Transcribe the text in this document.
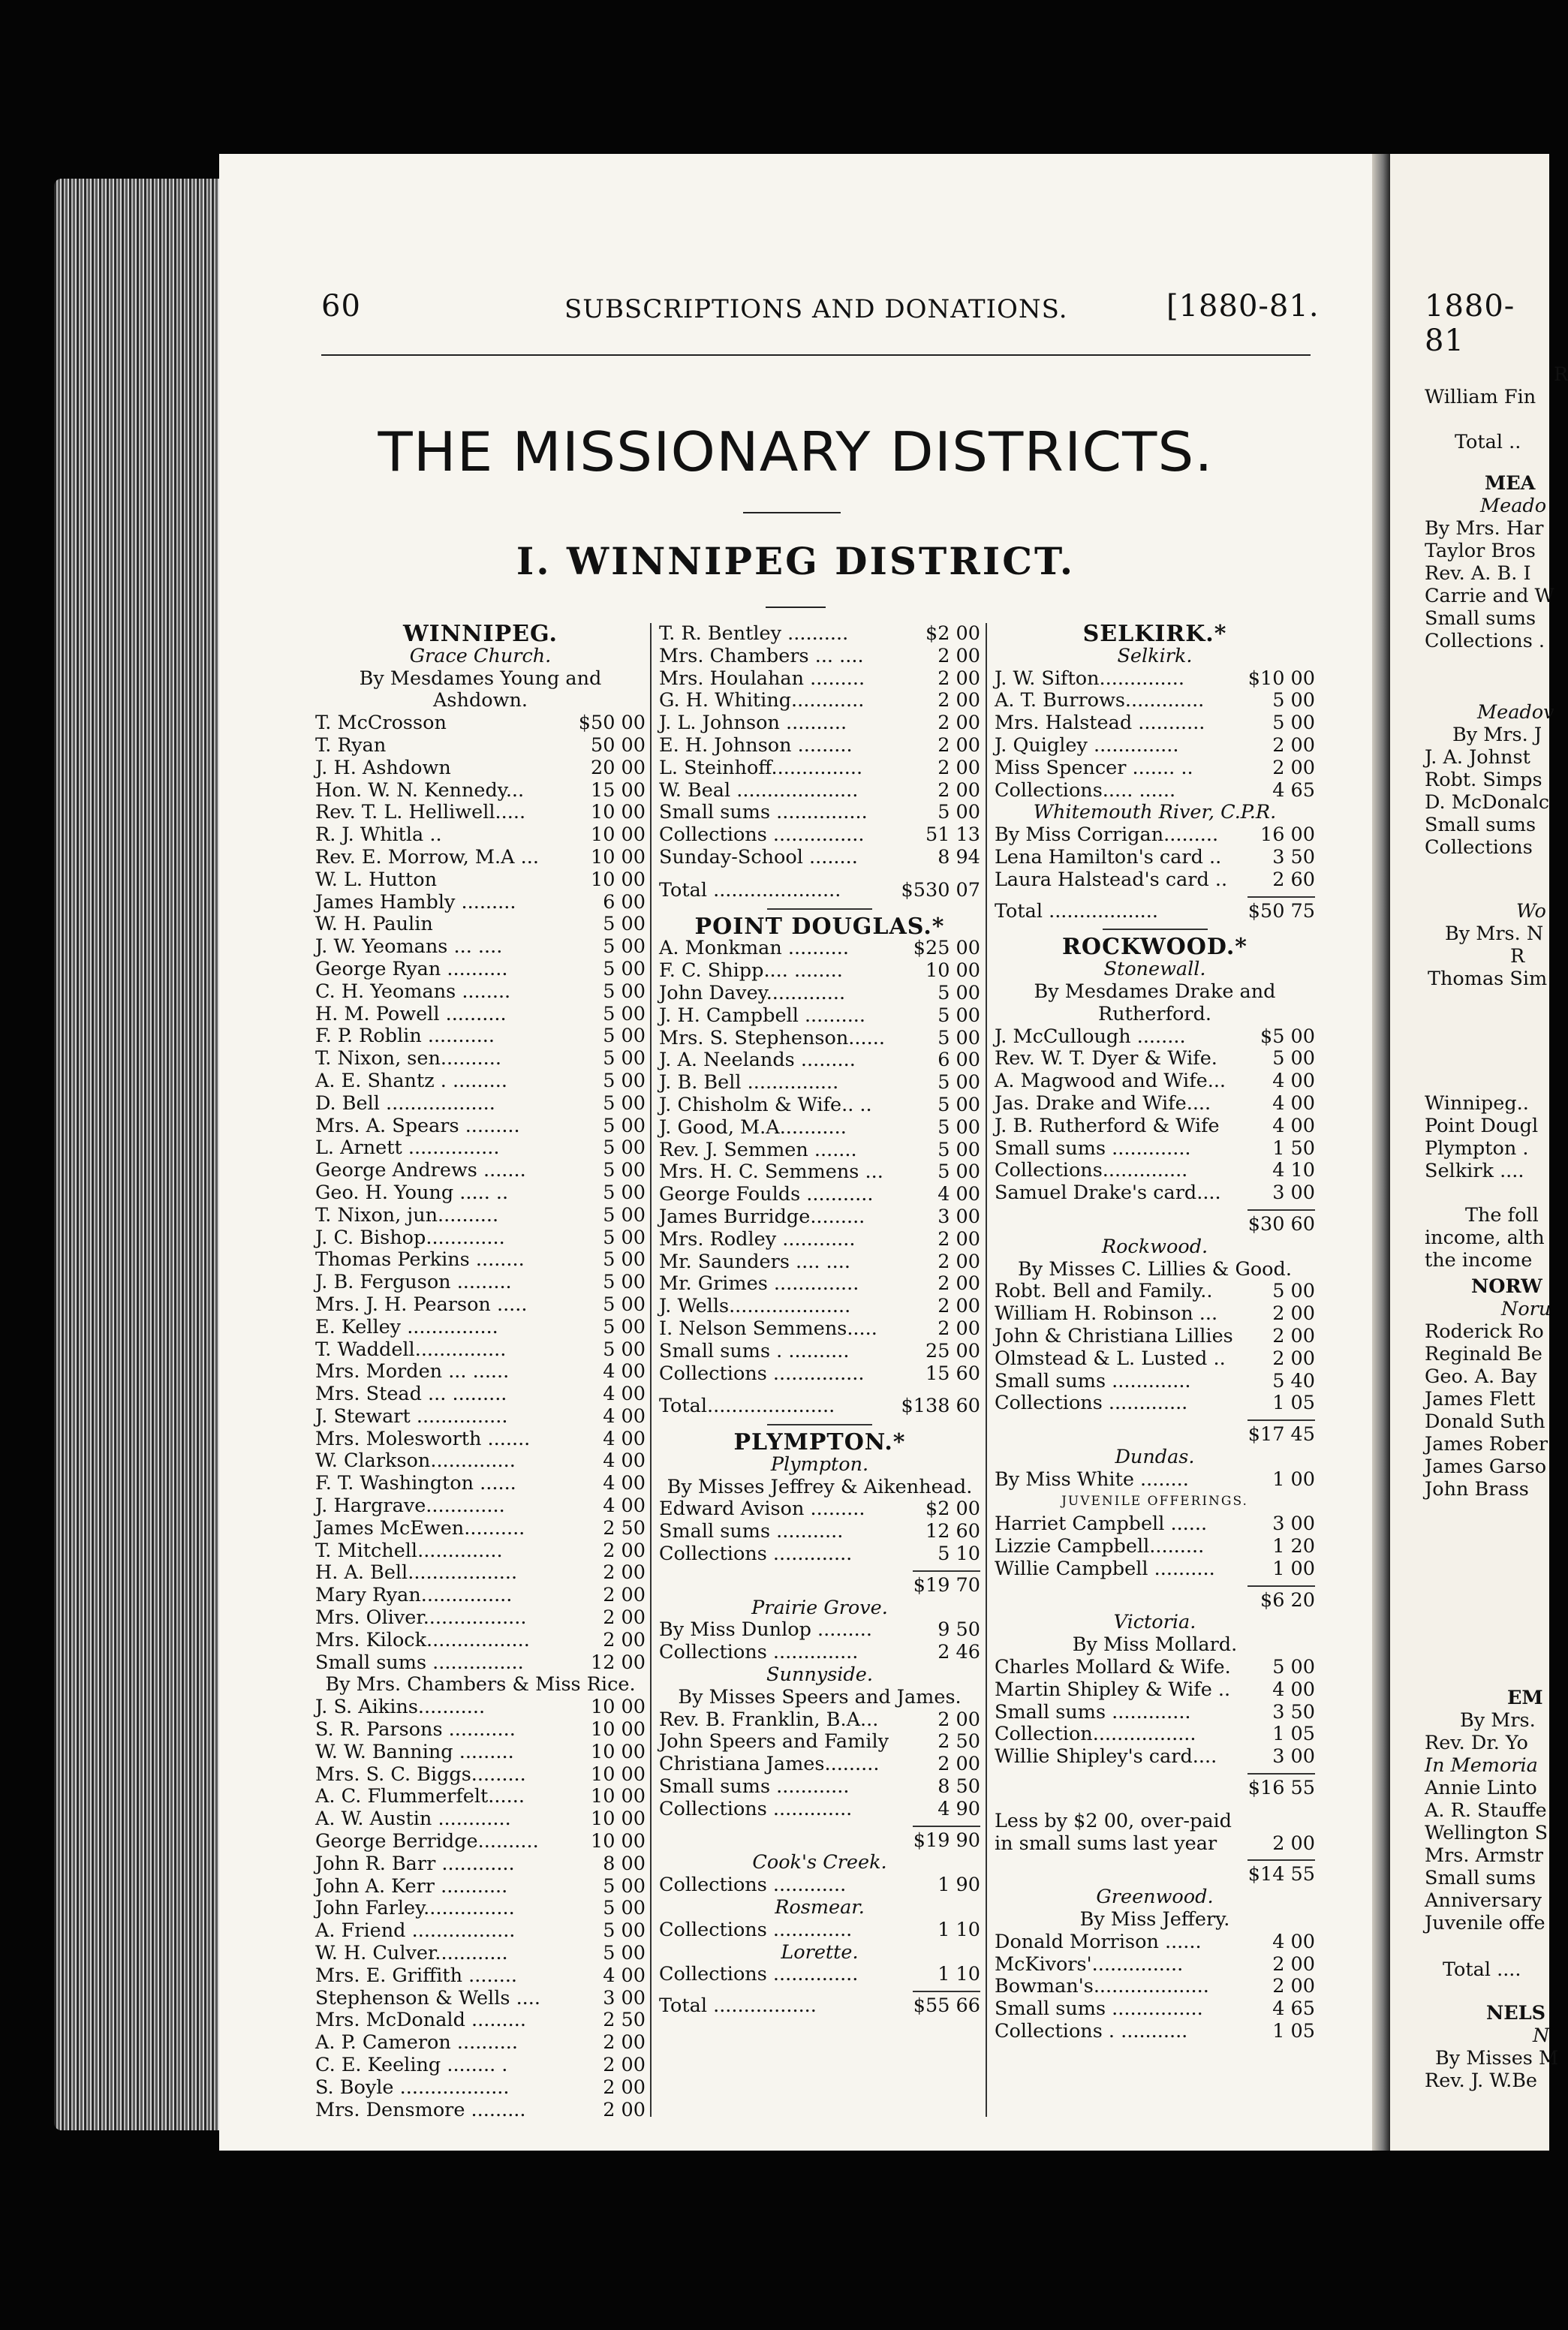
60	SUBSCRIPTIONS AND DONATIONS.	[1880-81.	1880-81
THE MISSIONARY DISTRICTS.
I. WINNIPEG DISTRICT.
WINNIPEG.
Grace Church.
By Mesdames Young and
Ashdown.
T. McCrosson	$50 00
T. Ryan	50 00
J. H. Ashdown	20 00
Hon. W. N. Kennedy...	15 00
Rev. T. L. Helliwell.....	10 00
R. J. Whitla ..	10 00
Rev. E. Morrow, M.A ...	10 00
W. L. Hutton	10 00
James Hambly .........	6 00
W. H. Paulin	5 00
J. W. Yeomans ... ....	5 00
George Ryan ..........	5 00
C. H. Yeomans ........	5 00
H. M. Powell ..........	5 00
F. P. Roblin ...........	5 00
T. Nixon, sen..........	5 00
A. E. Shantz . .........	5 00
D. Bell ..................	5 00
Mrs. A. Spears .........	5 00
L. Arnett ...............	5 00
George Andrews .......	5 00
Geo. H. Young ..... ..	5 00
T. Nixon, jun..........	5 00
J. C. Bishop.............	5 00
Thomas Perkins ........	5 00
J. B. Ferguson .........	5 00
Mrs. J. H. Pearson .....	5 00
E. Kelley ...............	5 00
T. Waddell...............	5 00
Mrs. Morden ... ......	4 00
Mrs. Stead ... .........	4 00
J. Stewart ...............	4 00
Mrs. Molesworth .......	4 00
W. Clarkson..............	4 00
F. T. Washington ......	4 00
J. Hargrave.............	4 00
James McEwen..........	2 50
T. Mitchell..............	2 00
H. A. Bell..................	2 00
Mary Ryan...............	2 00
Mrs. Oliver.................	2 00
Mrs. Kilock.................	2 00
Small sums ...............	12 00
By Mrs. Chambers & Miss Rice.
J. S. Aikins...........	10 00
S. R. Parsons ...........	10 00
W. W. Banning .........	10 00
Mrs. S. C. Biggs.........	10 00
A. C. Flummerfelt......	10 00
A. W. Austin ............	10 00
George Berridge..........	10 00
John R. Barr ............	8 00
John A. Kerr ...........	5 00
John Farley...............	5 00
A. Friend .................	5 00
W. H. Culver............	5 00
Mrs. E. Griffith ........	4 00
Stephenson & Wells ....	3 00
Mrs. McDonald .........	2 50
A. P. Cameron ..........	2 00
C. E. Keeling ........ .	2 00
S. Boyle ..................	2 00
Mrs. Densmore .........	2 00
T. R. Bentley ..........	$2 00
Mrs. Chambers ... ....	2 00
Mrs. Houlahan .........	2 00
G. H. Whiting............	2 00
J. L. Johnson ..........	2 00
E. H. Johnson .........	2 00
L. Steinhoff...............	2 00
W. Beal ....................	2 00
Small sums ...............	5 00
Collections ...............	51 13
Sunday-School ........	8 94
Total .....................	$530 07
POINT DOUGLAS.*
A. Monkman ..........	$25 00
F. C. Shipp.... ........	10 00
John Davey.............	5 00
J. H. Campbell ..........	5 00
Mrs. S. Stephenson......	5 00
J. A. Neelands .........	6 00
J. B. Bell ...............	5 00
J. Chisholm & Wife.. ..	5 00
J. Good, M.A...........	5 00
Rev. J. Semmen .......	5 00
Mrs. H. C. Semmens ...	5 00
George Foulds ...........	4 00
James Burridge.........	3 00
Mrs. Rodley ............	2 00
Mr. Saunders .... ....	2 00
Mr. Grimes ..............	2 00
J. Wells....................	2 00
I. Nelson Semmens.....	2 00
Small sums . ..........	25 00
Collections ...............	15 60
Total.....................	$138 60
PLYMPTON.*
Plympton.
By Misses Jeffrey & Aikenhead.
Edward Avison .........	$2 00
Small sums ...........	12 60
Collections .............	5 10
$19 70
Prairie Grove.
By Miss Dunlop .........	9 50
Collections ..............	2 46
Sunnyside.
By Misses Speers and James.
Rev. B. Franklin, B.A...	2 00
John Speers and Family	2 50
Christiana James.........	2 00
Small sums ............	8 50
Collections .............	4 90
$19 90
Cook's Creek.
Collections ............	1 90
Rosmear.
Collections .............	1 10
Lorette.
Collections ..............	1 10
Total .................	$55 66
SELKIRK.*
Selkirk.
J. W. Sifton..............	$10 00
A. T. Burrows.............	5 00
Mrs. Halstead ...........	5 00
J. Quigley ..............	2 00
Miss Spencer ....... ..	2 00
Collections..... ......	4 65
Whitemouth River, C.P.R.
By Miss Corrigan.........	16 00
Lena Hamilton's card ..	3 50
Laura Halstead's card ..	2 60
Total ..................	$50 75
ROCKWOOD.*
Stonewall.
By Mesdames Drake and
Rutherford.
J. McCullough ........	$5 00
Rev. W. T. Dyer & Wife.	5 00
A. Magwood and Wife...	4 00
Jas. Drake and Wife....	4 00
J. B. Rutherford & Wife	4 00
Small sums .............	1 50
Collections..............	4 10
Samuel Drake's card....	3 00
$30 60
Rockwood.
By Misses C. Lillies & Good.
Robt. Bell and Family..	5 00
William H. Robinson ...	2 00
John & Christiana Lillies	2 00
Olmstead & L. Lusted ..	2 00
Small sums .............	5 40
Collections .............	1 05
$17 45
Dundas.
By Miss White ........	1 00
JUVENILE OFFERINGS.
Harriet Campbell ......	3 00
Lizzie Campbell.........	1 20
Willie Campbell ..........	1 00
$6 20
Victoria.
By Miss Mollard.
Charles Mollard & Wife.	5 00
Martin Shipley & Wife ..	4 00
Small sums .............	3 50
Collection.................	1 05
Willie Shipley's card....	3 00
$16 55
Less by $2 00, over-paid
in small sums last year	2 00
$14 55
Greenwood.
By Miss Jeffery.
Donald Morrison ......	4 00
McKivors'...............	2 00
Bowman's...................	2 00
Small sums ...............	4 65
Collections . ...........	1 05
R
William Fin
Total ..
MEA
Meado
By Mrs. Har
Taylor Bros
Rev. A. B. I
Carrie and W
Small sums
Collections .
Meadov
By Mrs. J
J. A. Johnst
Robt. Simps
D. McDonalc
Small sums
Collections
Wo
By Mrs. N
R
Thomas Sim
Winnipeg..
Point Dougl
Plympton .
Selkirk ....
The foll
income, alth
the income
NORW
Noru
Roderick Ro
Reginald Be
Geo. A. Bay
James Flett
Donald Suth
James Rober
James Garso
John Brass
EM
By Mrs.
Rev. Dr. Yo
In Memoria
Annie Linto
A. R. Stauffe
Wellington S
Mrs. Armstr
Small sums
Anniversary
Juvenile offe
Total ....
NELS
N
By Misses M
Rev. J. W.Be
